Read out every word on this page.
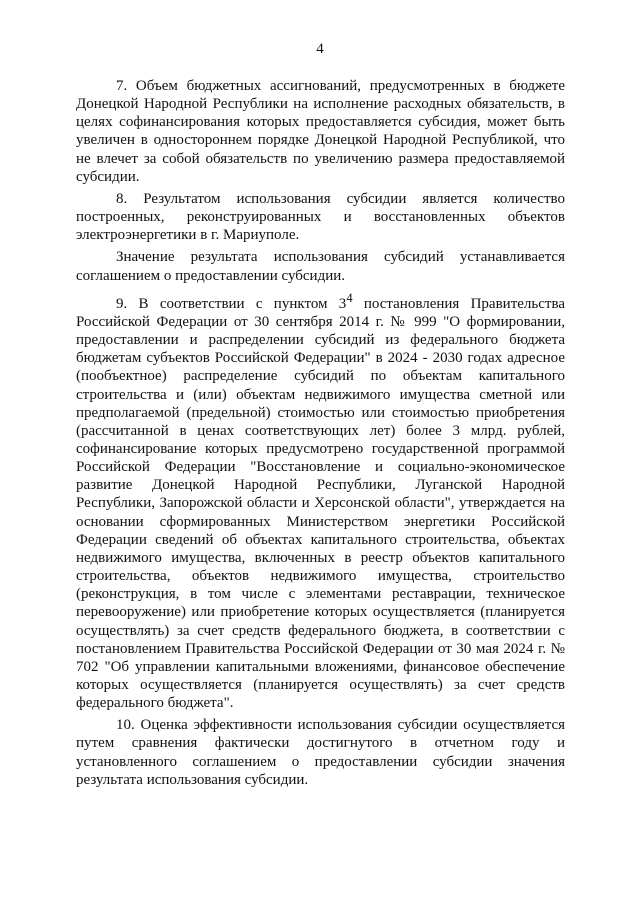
4

7. Объем бюджетных ассигнований, предусмотренных в бюджете Донецкой Народной Республики на исполнение расходных обязательств, в целях софинансирования которых предоставляется субсидия, может быть увеличен в одностороннем порядке Донецкой Народной Республикой, что не влечет за собой обязательств по увеличению размера предоставляемой субсидии.

8. Результатом использования субсидии является количество построенных, реконструированных и восстановленных объектов электроэнергетики в г. Мариуполе.

Значение результата использования субсидий устанавливается соглашением о предоставлении субсидии.

9. В соответствии с пунктом $3^4$ постановления Правительства Российской Федерации от 30 сентября 2014 г. № 999 "О формировании, предоставлении и распределении субсидий из федерального бюджета бюджетам субъектов Российской Федерации" в 2024 - 2030 годах адресное (пообъектное) распределение субсидий по объектам капитального строительства и (или) объектам недвижимого имущества сметной или предполагаемой (предельной) стоимостью или стоимостью приобретения (рассчитанной в ценах соответствующих лет) более 3 млрд. рублей, софинансирование которых предусмотрено государственной программой Российской Федерации "Восстановление и социально-экономическое развитие Донецкой Народной Республики, Луганской Народной Республики, Запорожской области и Херсонской области", утверждается на основании сформированных Министерством энергетики Российской Федерации сведений об объектах капитального строительства, объектах недвижимого имущества, включенных в реестр объектов капитального строительства, объектов недвижимого имущества, строительство (реконструкция, в том числе с элементами реставрации, техническое перевооружение) или приобретение которых осуществляется (планируется осуществлять) за счет средств федерального бюджета, в соответствии с постановлением Правительства Российской Федерации от 30 мая 2024 г. № 702 "Об управлении капитальными вложениями, финансовое обеспечение которых осуществляется (планируется осуществлять) за счет средств федерального бюджета".

10. Оценка эффективности использования субсидии осуществляется путем сравнения фактически достигнутого в отчетном году и установленного соглашением о предоставлении субсидии значения результата использования субсидии.
